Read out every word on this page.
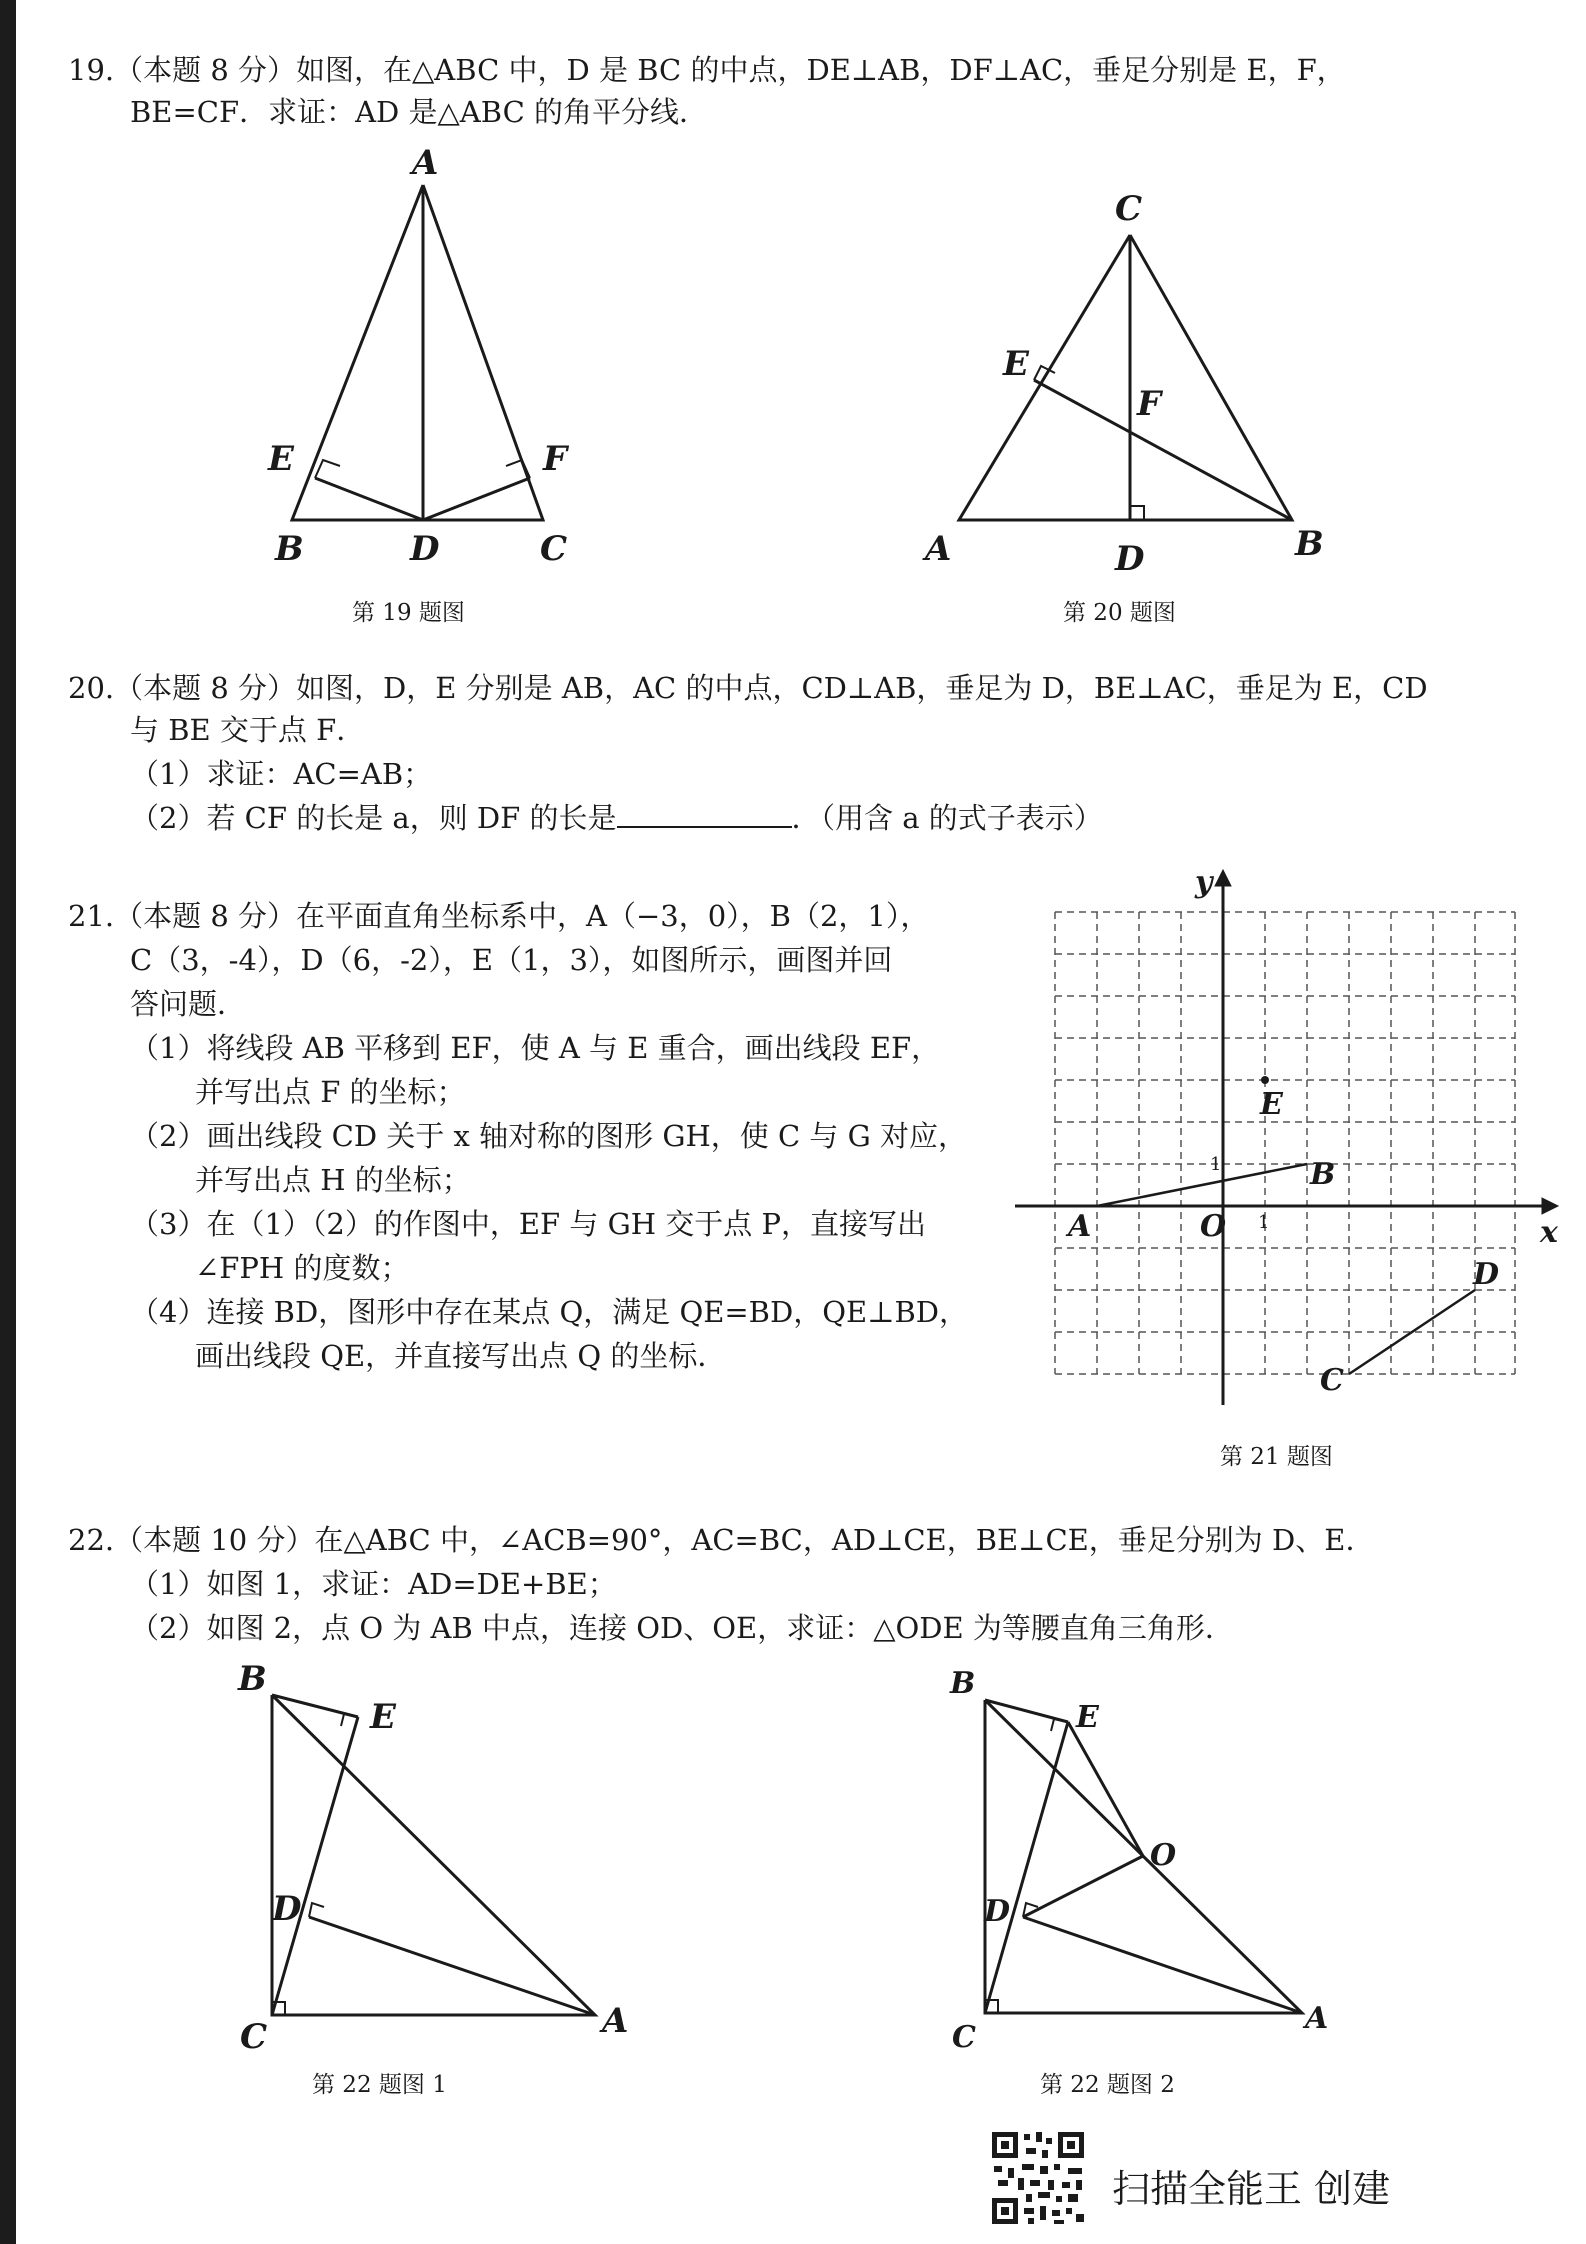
19.（本题 8 分）如图，在△ABC 中，D 是 BC 的中点，DE⊥AB，DF⊥AC，垂足分别是 E，F，
BE=CF．求证：AD 是△ABC 的角平分线．
A
B	D	C
E	F
第 19 题图
C
E
F
A	D	B
第 20 题图
20.（本题 8 分）如图，D，E 分别是 AB，AC 的中点，CD⊥AB，垂足为 D，BE⊥AC，垂足为 E，CD
与 BE 交于点 F．
（1）求证：AC=AB；
（2）若 CF 的长是 a，则 DF 的长是	．（用含 a 的式子表示）
21.（本题 8 分）在平面直角坐标系中，A（−3，0），B（2，1），
C（3，-4），D（6，-2），E（1，3），如图所示，画图并回
答问题．
（1）将线段 AB 平移到 EF，使 A 与 E 重合，画出线段 EF，
并写出点 F 的坐标；
（2）画出线段 CD 关于 x 轴对称的图形 GH，使 C 与 G 对应，
并写出点 H 的坐标；
（3）在（1）（2）的作图中，EF 与 GH 交于点 P，直接写出
∠FPH 的度数；
（4）连接 BD，图形中存在某点 Q，满足 QE=BD，QE⊥BD，
画出线段 QE，并直接写出点 Q 的坐标．
y
x
O 1
1
A
B
E
C
D
第 21 题图
22.（本题 10 分）在△ABC 中，∠ACB=90°，AC=BC，AD⊥CE，BE⊥CE，垂足分别为 D、E．
（1）如图 1，求证：AD=DE+BE；
（2）如图 2，点 O 为 AB 中点，连接 OD、OE，求证：△ODE 为等腰直角三角形．
B
E
D
C	A
第 22 题图 1
B
E
O
D
C
A
第 22 题图 2
扫描全能王 创建
